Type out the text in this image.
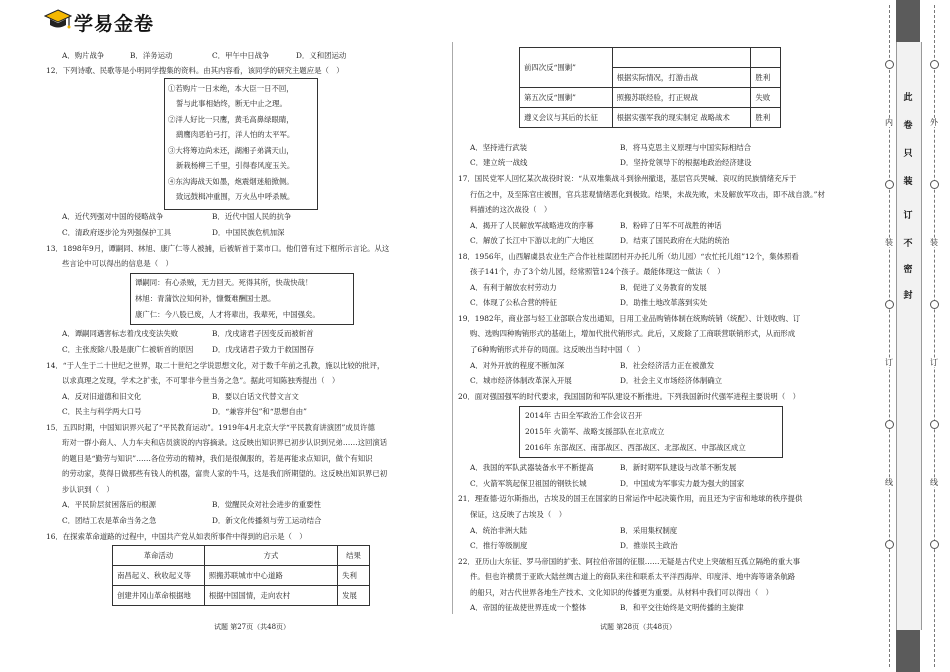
学易金卷
A．购片战争	B．洋务运动	C．甲午中日战争	D．义和团运动
12．下列诗歌、民歌等是小明同学搜集的资料。由其内容看，该同学的研究主题应是（　）
①若购片一日未绝，本大臣一日不回，
誓与此事相始终，断无中止之理。
②洋人好比一只鹰，黄毛高鼻绿眼睛，
鹞鹰肉恶伯弓打，洋人怕的太平军。
③大将筹边尚未还，湖湘子弟满天山，
新栽杨柳三千里，引得春风度玉关。
④东沟海战天如墨，炮震烟迷船掀侧。
致远鼓楫冲重围，万火丛中呼杀贼。
A．近代列强对中国的侵略战争	B．近代中国人民的抗争
C．清政府逐步沦为列强保护工具	D．中国民族危机加深
13．1898年9月，谭嗣同、林旭、康广仁等人被捕，后被斩首于菜市口。他们曾有过下框所示言论。从这
些言论中可以得出的信息是（　）
谭嗣同：有心杀贼，无力回天。死得其所，快哉快哉！
林旭：青蒲饮泣知何补，慷慨难酬国士恩。
康广仁：今八股已废，人才将辈出，我辈死，中国强矣。
A．谭嗣同遇害标志着戊戌变法失败	B．戊戌诸君子因变反而被斩首
C．主张废除八股是康广仁被斩首的原因	D．戊戌诸君子致力于救国图存
14．“于人生于二十世纪之世界，取二十世纪之学说思想文化，对于数千年前之孔教，施以比较的批评，
以求真理之发现，学术之扩张，不可罪非今世当务之急”。据此可知陈独秀提出（　）
A．反对旧道德和旧文化	B．要以白话文代替文言文
C．民主与科学两大口号	D．“兼容并包”和“思想自由”
15．五四时期，中国知识界兴起了“平民教育运动”。1919年4月北京大学“平民教育讲演团”成员许德
珩对一群小商人、人力车夫和店员演说的内容摘录。这反映出知识界已初步认识到兄弟……这回演话
的题目是“勤劳与知识”……各位劳动的精神，我们是很佩服的，若是再能求点知识，做个有知识
的劳动家，莫得日做那些有钱人的机器，富贵人家的牛马，这是我们所期望的。这反映出知识界已初
步认识到（　）
A．平民阶层贫困落后的根源	B．觉醒民众对社会进步的重要性
C．团结工农是革命当务之急	D．新文化传播须与劳工运动结合
16．在探索革命道路的过程中，中国共产党从如表所事件中得到的启示是（　）
革命活动	方式	结果
南昌起义、秋收起义等	照搬苏联城市中心道路	失利
创建井冈山革命根据地	根据中国国情，走向农村	发展
试题 第27页（共48页）
前四次反“围剿”		
	根据实际情况，打游击战	胜利
第五次反“围剿”	照搬苏联经验，打正规战	失败
遵义会议与其后的长征	根据实强军我的现实制定 战略战术	胜利
A．坚持进行武装	B．将马克思主义原理与中国实际相结合
C．建立统一战线	D．坚持党领导下的根据地政治经济建设
17．国民党军人回忆某次战役时说：“从双堆集战斗到徐州撤退，基层官兵哭喊、哀叹的民族情绪充斥于
行伍之中，及至陈官庄被围，官兵悲观情绪恶化到极致。结果，未战先败，未及解放军攻击，即不战自溃。”材
料描述的这次战役（　）
A．揭开了人民解放军战略进攻的序幕	B．粉碎了日军不可战胜的神话
C．解放了长江中下游以北的广大地区	D．结束了国民政府在大陆的统治
18．1956年，山西解虞县农业生产合作社桂谋团村开办托儿所（幼儿园）“农忙托儿组”12个，集体照看
孩子141个，办了3个幼儿园，经常照管124个孩子。最能体现这一做法（　）
A．有利于解放农村劳动力	B．促进了义务教育的发展
C．体现了公私合营的特征	D．助推土地改革落到实处
19．1982年，商业部与轻工业部联合发出通知，日用工业品购销体制在统购统销（统配）、计划收购、订
购、选购四种购销形式的基础上，增加代批代销形式。此后，又废除了工商联营联销形式，从而形成
了6种购销形式并存的局面。这反映出当时中国（　）
A．对外开放的程度不断加深	B．社会经济活力正在被激发
C．城市经济体制改革深入开展	D．社会主义市场经济体制确立
20．面对强国强军的时代要求，我国国防和军队建设不断推进。下列我国新时代强军进程主要说明（　）
2014年 古田全军政治工作会议召开
2015年 火箭军、战略支援部队在北京成立
2016年 东部战区、南部战区、西部战区、北部战区、中部战区成立
A．我国的军队武器装备水平不断提高	B．新时期军队建设与改革不断发展
C．火箭军筑起保卫祖国的钢铁长城	D．中国成为军事实力最为强大的国家
21．理查德·迈尔斯指出，古埃及的国王在国家的日常运作中起决策作用，而且还为宇宙和地球的秩序提供
保证，这反映了古埃及（　）
A．统治非洲大陆	B．采用集权制度
C．推行等级制度	D．推崇民主政治
22．亚历山大东征、罗马帝国的扩张、阿拉伯帝国的征服……无疑是古代史上突破相互孤立隔绝的重大事
件。但也许横贯于亚欧大陆丝绸古道上的商队来往和联系太平洋西海岸、印度洋、地中海等诸条航路
的船只，对古代世界各地生产技术、文化知识的传播更为重要。从材料中我们可以得出（　）
A．帝国的征战使世界连成一个整体	B．和平交往始终是文明传播的主旋律
试题 第28页（共48页）
此
卷
只
装
订
不
密
封
内
装
订
线
外
装
订
线
